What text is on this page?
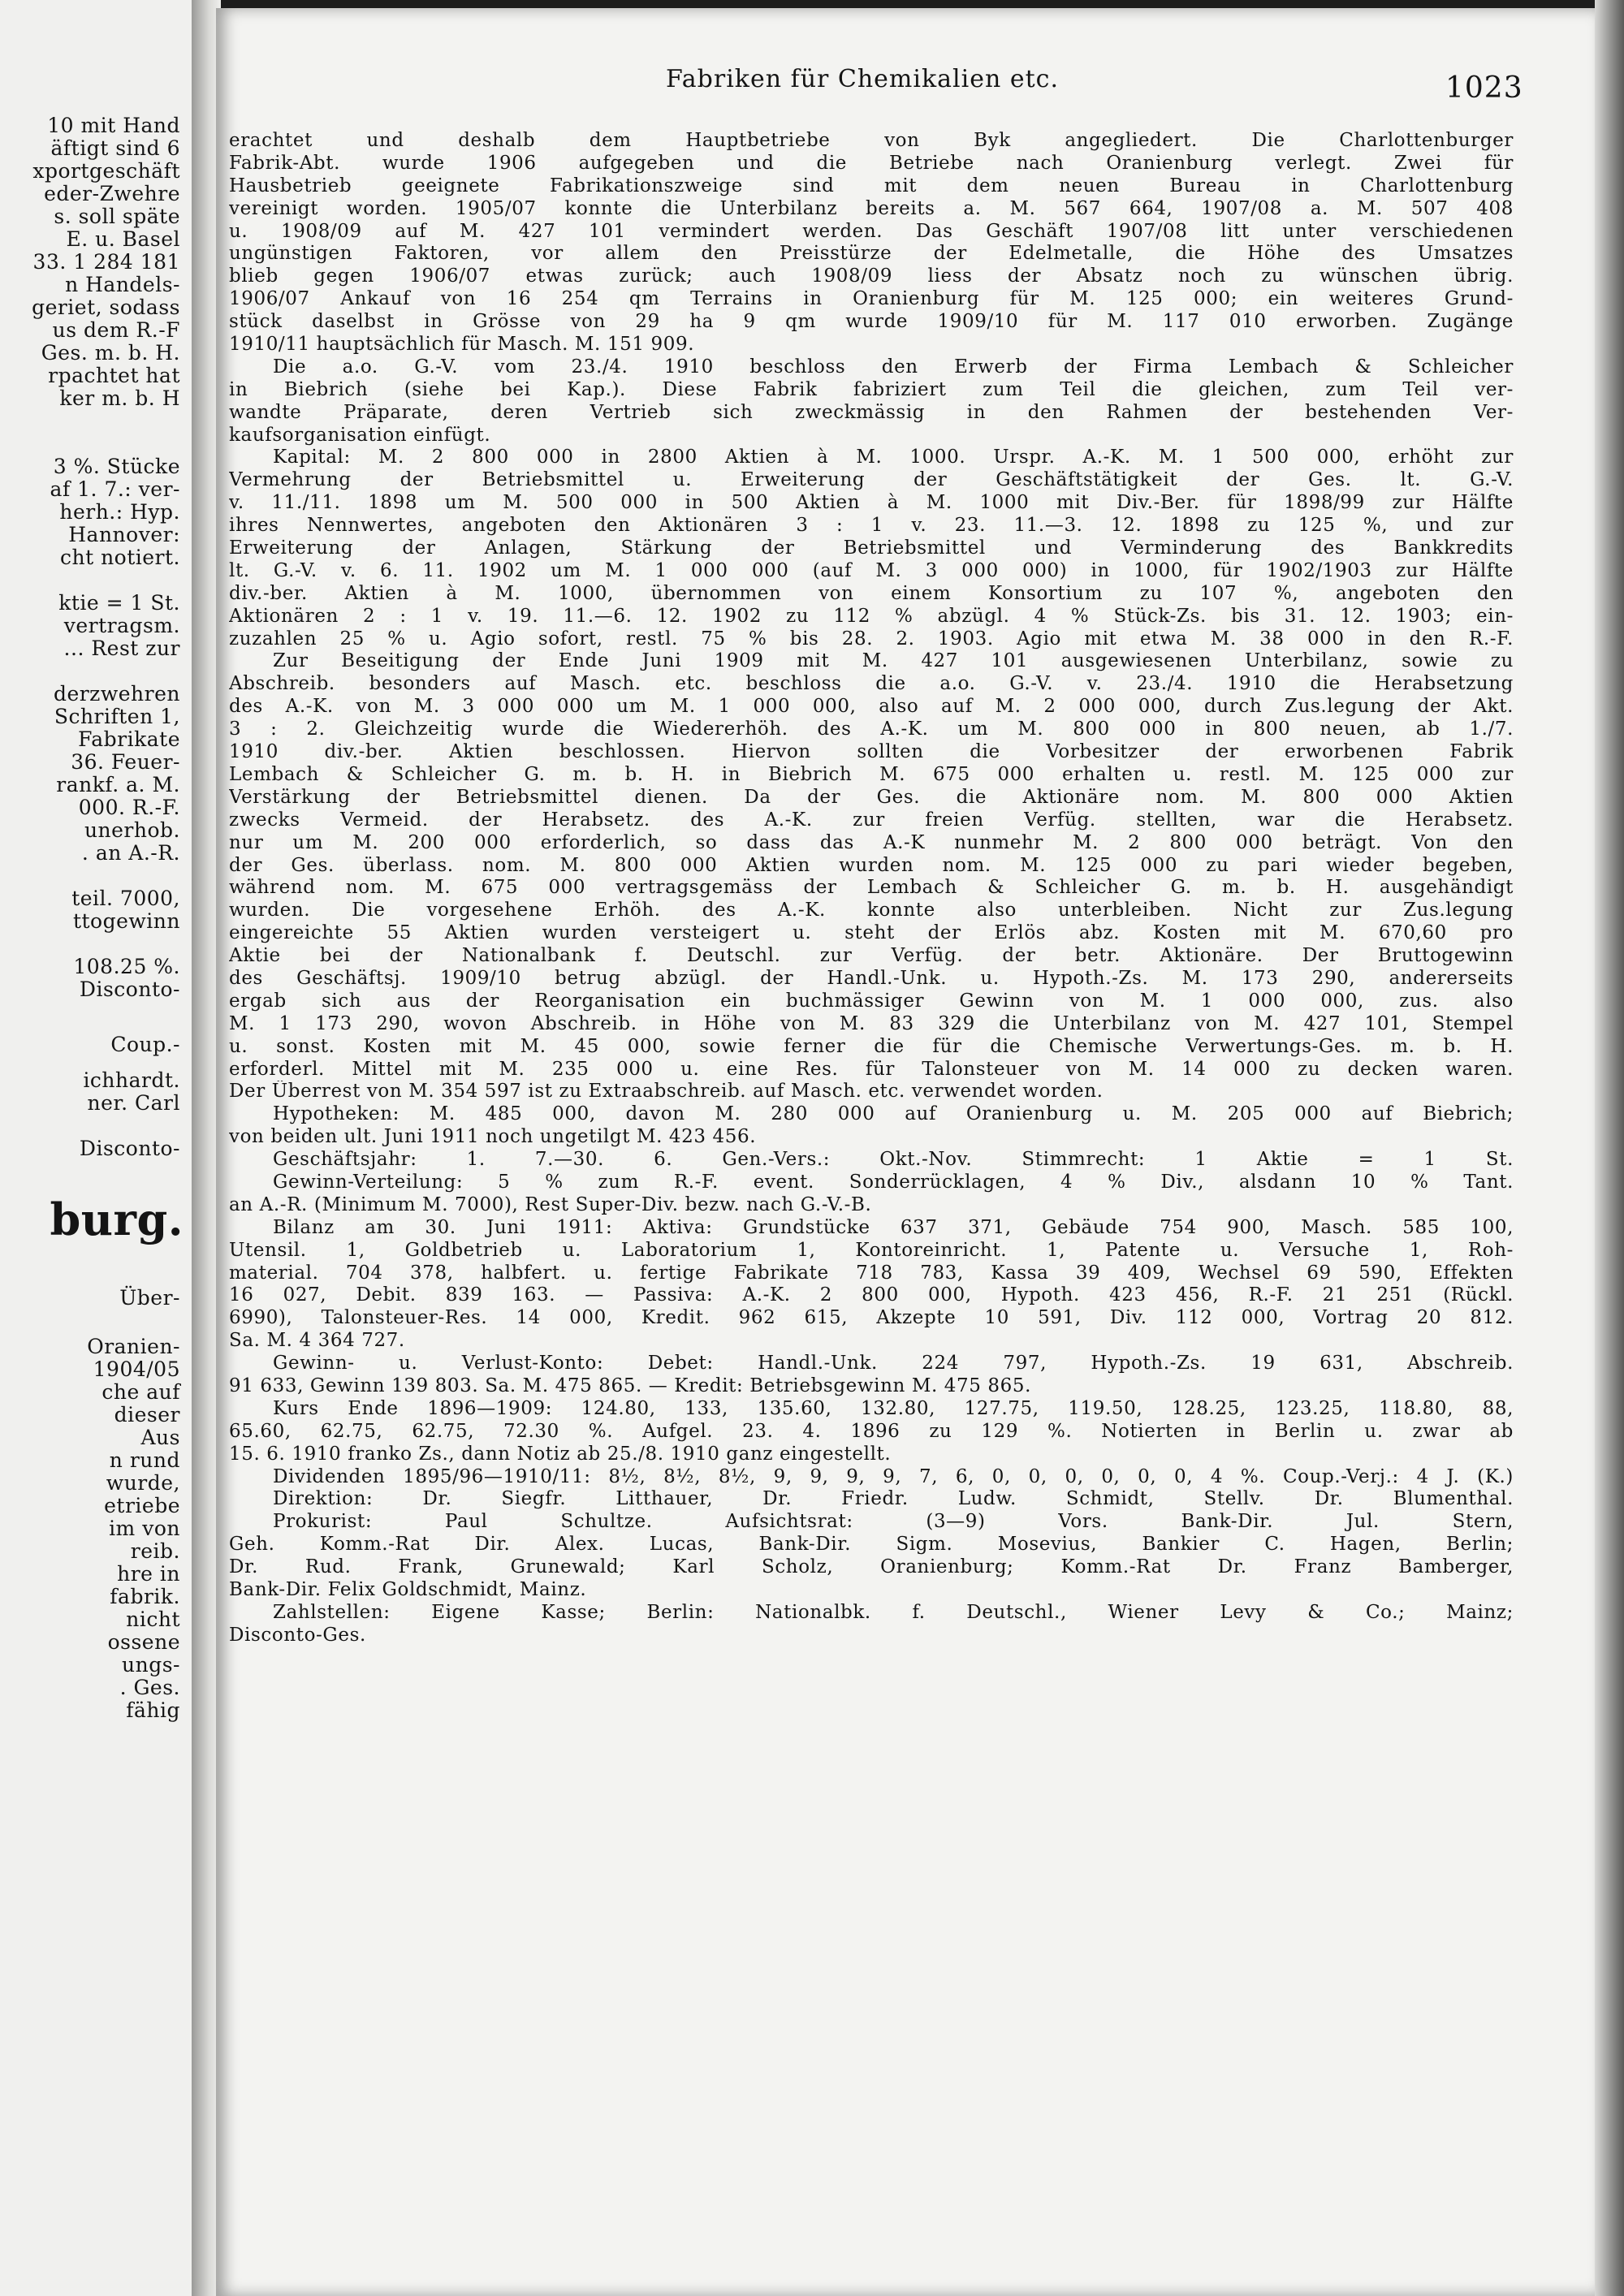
10 mit Hand
äftigt sind 6
xportgeschäft
eder-Zwehre
s. soll späte
E. u. Basel
33. 1 284 181
n Handels-
geriet, sodass
us dem R.-F
Ges. m. b. H.
rpachtet hat
ker m. b. H
3 %. Stücke
af 1. 7.: ver-
herh.: Hyp.
Hannover:
cht notiert.
ktie = 1 St.
vertragsm.
... Rest zur
derzwehren
Schriften 1,
Fabrikate
36. Feuer-
rankf. a. M.
000. R.-F.
unerhob.
. an A.-R.
teil. 7000,
ttogewinn
108.25 %.
Disconto-
Coup.-
ichhardt.
ner. Carl
Disconto-
burg.
Über-
Oranien-
1904/05
che auf
dieser
Aus
n rund
wurde,
etriebe
im von
reib.
hre in
fabrik.
nicht
ossene
ungs-
. Ges.
fähig
Fabriken für Chemikalien etc.	1023
erachtet und deshalb dem Hauptbetriebe von Byk angegliedert. Die Charlottenburger
Fabrik-Abt. wurde 1906 aufgegeben und die Betriebe nach Oranienburg verlegt. Zwei für
Hausbetrieb geeignete Fabrikationszweige sind mit dem neuen Bureau in Charlottenburg
vereinigt worden. 1905/07 konnte die Unterbilanz bereits a. M. 567 664, 1907/08 a. M. 507 408
u. 1908/09 auf M. 427 101 vermindert werden. Das Geschäft 1907/08 litt unter verschiedenen
ungünstigen Faktoren, vor allem den Preisstürze der Edelmetalle, die Höhe des Umsatzes
blieb gegen 1906/07 etwas zurück; auch 1908/09 liess der Absatz noch zu wünschen übrig.
1906/07 Ankauf von 16 254 qm Terrains in Oranienburg für M. 125 000; ein weiteres Grund-
stück daselbst in Grösse von 29 ha 9 qm wurde 1909/10 für M. 117 010 erworben. Zugänge
1910/11 hauptsächlich für Masch. M. 151 909.
Die a.o. G.-V. vom 23./4. 1910 beschloss den Erwerb der Firma Lembach & Schleicher
in Biebrich (siehe bei Kap.). Diese Fabrik fabriziert zum Teil die gleichen, zum Teil ver-
wandte Präparate, deren Vertrieb sich zweckmässig in den Rahmen der bestehenden Ver-
kaufsorganisation einfügt.
Kapital: M. 2 800 000 in 2800 Aktien à M. 1000. Urspr. A.-K. M. 1 500 000, erhöht zur
Vermehrung der Betriebsmittel u. Erweiterung der Geschäftstätigkeit der Ges. lt. G.-V.
v. 11./11. 1898 um M. 500 000 in 500 Aktien à M. 1000 mit Div.-Ber. für 1898/99 zur Hälfte
ihres Nennwertes, angeboten den Aktionären 3 : 1 v. 23. 11.—3. 12. 1898 zu 125 %, und zur
Erweiterung der Anlagen, Stärkung der Betriebsmittel und Verminderung des Bankkredits
lt. G.-V. v. 6. 11. 1902 um M. 1 000 000 (auf M. 3 000 000) in 1000, für 1902/1903 zur Hälfte
div.-ber. Aktien à M. 1000, übernommen von einem Konsortium zu 107 %, angeboten den
Aktionären 2 : 1 v. 19. 11.—6. 12. 1902 zu 112 % abzügl. 4 % Stück-Zs. bis 31. 12. 1903; ein-
zuzahlen 25 % u. Agio sofort, restl. 75 % bis 28. 2. 1903. Agio mit etwa M. 38 000 in den R.-F.
Zur Beseitigung der Ende Juni 1909 mit M. 427 101 ausgewiesenen Unterbilanz, sowie zu
Abschreib. besonders auf Masch. etc. beschloss die a.o. G.-V. v. 23./4. 1910 die Herabsetzung
des A.-K. von M. 3 000 000 um M. 1 000 000, also auf M. 2 000 000, durch Zus.legung der Akt.
3 : 2. Gleichzeitig wurde die Wiedererhöh. des A.-K. um M. 800 000 in 800 neuen, ab 1./7.
1910 div.-ber. Aktien beschlossen. Hiervon sollten die Vorbesitzer der erworbenen Fabrik
Lembach & Schleicher G. m. b. H. in Biebrich M. 675 000 erhalten u. restl. M. 125 000 zur
Verstärkung der Betriebsmittel dienen. Da der Ges. die Aktionäre nom. M. 800 000 Aktien
zwecks Vermeid. der Herabsetz. des A.-K. zur freien Verfüg. stellten, war die Herabsetz.
nur um M. 200 000 erforderlich, so dass das A.-K nunmehr M. 2 800 000 beträgt. Von den
der Ges. überlass. nom. M. 800 000 Aktien wurden nom. M. 125 000 zu pari wieder begeben,
während nom. M. 675 000 vertragsgemäss der Lembach & Schleicher G. m. b. H. ausgehändigt
wurden. Die vorgesehene Erhöh. des A.-K. konnte also unterbleiben. Nicht zur Zus.legung
eingereichte 55 Aktien wurden versteigert u. steht der Erlös abz. Kosten mit M. 670,60 pro
Aktie bei der Nationalbank f. Deutschl. zur Verfüg. der betr. Aktionäre. Der Bruttogewinn
des Geschäftsj. 1909/10 betrug abzügl. der Handl.-Unk. u. Hypoth.-Zs. M. 173 290, andererseits
ergab sich aus der Reorganisation ein buchmässiger Gewinn von M. 1 000 000, zus. also
M. 1 173 290, wovon Abschreib. in Höhe von M. 83 329 die Unterbilanz von M. 427 101, Stempel
u. sonst. Kosten mit M. 45 000, sowie ferner die für die Chemische Verwertungs-Ges. m. b. H.
erforderl. Mittel mit M. 235 000 u. eine Res. für Talonsteuer von M. 14 000 zu decken waren.
Der Überrest von M. 354 597 ist zu Extraabschreib. auf Masch. etc. verwendet worden.
Hypotheken: M. 485 000, davon M. 280 000 auf Oranienburg u. M. 205 000 auf Biebrich;
von beiden ult. Juni 1911 noch ungetilgt M. 423 456.
Geschäftsjahr: 1. 7.—30. 6. Gen.-Vers.: Okt.-Nov. Stimmrecht: 1 Aktie = 1 St.
Gewinn-Verteilung: 5 % zum R.-F. event. Sonderrücklagen, 4 % Div., alsdann 10 % Tant.
an A.-R. (Minimum M. 7000), Rest Super-Div. bezw. nach G.-V.-B.
Bilanz am 30. Juni 1911: Aktiva: Grundstücke 637 371, Gebäude 754 900, Masch. 585 100,
Utensil. 1, Goldbetrieb u. Laboratorium 1, Kontoreinricht. 1, Patente u. Versuche 1, Roh-
material. 704 378, halbfert. u. fertige Fabrikate 718 783, Kassa 39 409, Wechsel 69 590, Effekten
16 027, Debit. 839 163. — Passiva: A.-K. 2 800 000, Hypoth. 423 456, R.-F. 21 251 (Rückl.
6990), Talonsteuer-Res. 14 000, Kredit. 962 615, Akzepte 10 591, Div. 112 000, Vortrag 20 812.
Sa. M. 4 364 727.
Gewinn- u. Verlust-Konto: Debet: Handl.-Unk. 224 797, Hypoth.-Zs. 19 631, Abschreib.
91 633, Gewinn 139 803. Sa. M. 475 865. — Kredit: Betriebsgewinn M. 475 865.
Kurs Ende 1896—1909: 124.80, 133, 135.60, 132.80, 127.75, 119.50, 128.25, 123.25, 118.80, 88,
65.60, 62.75, 62.75, 72.30 %. Aufgel. 23. 4. 1896 zu 129 %. Notierten in Berlin u. zwar ab
15. 6. 1910 franko Zs., dann Notiz ab 25./8. 1910 ganz eingestellt.
Dividenden 1895/96—1910/11: 8½, 8½, 8½, 9, 9, 9, 9, 7, 6, 0, 0, 0, 0, 0, 0, 4 %. Coup.-Verj.: 4 J. (K.)
Direktion: Dr. Siegfr. Litthauer, Dr. Friedr. Ludw. Schmidt, Stellv. Dr. Blumenthal.
Prokurist: Paul Schultze. Aufsichtsrat: (3—9) Vors. Bank-Dir. Jul. Stern,
Geh. Komm.-Rat Dir. Alex. Lucas, Bank-Dir. Sigm. Mosevius, Bankier C. Hagen, Berlin;
Dr. Rud. Frank, Grunewald; Karl Scholz, Oranienburg; Komm.-Rat Dr. Franz Bamberger,
Bank-Dir. Felix Goldschmidt, Mainz.
Zahlstellen: Eigene Kasse; Berlin: Nationalbk. f. Deutschl., Wiener Levy & Co.; Mainz;
Disconto-Ges.
